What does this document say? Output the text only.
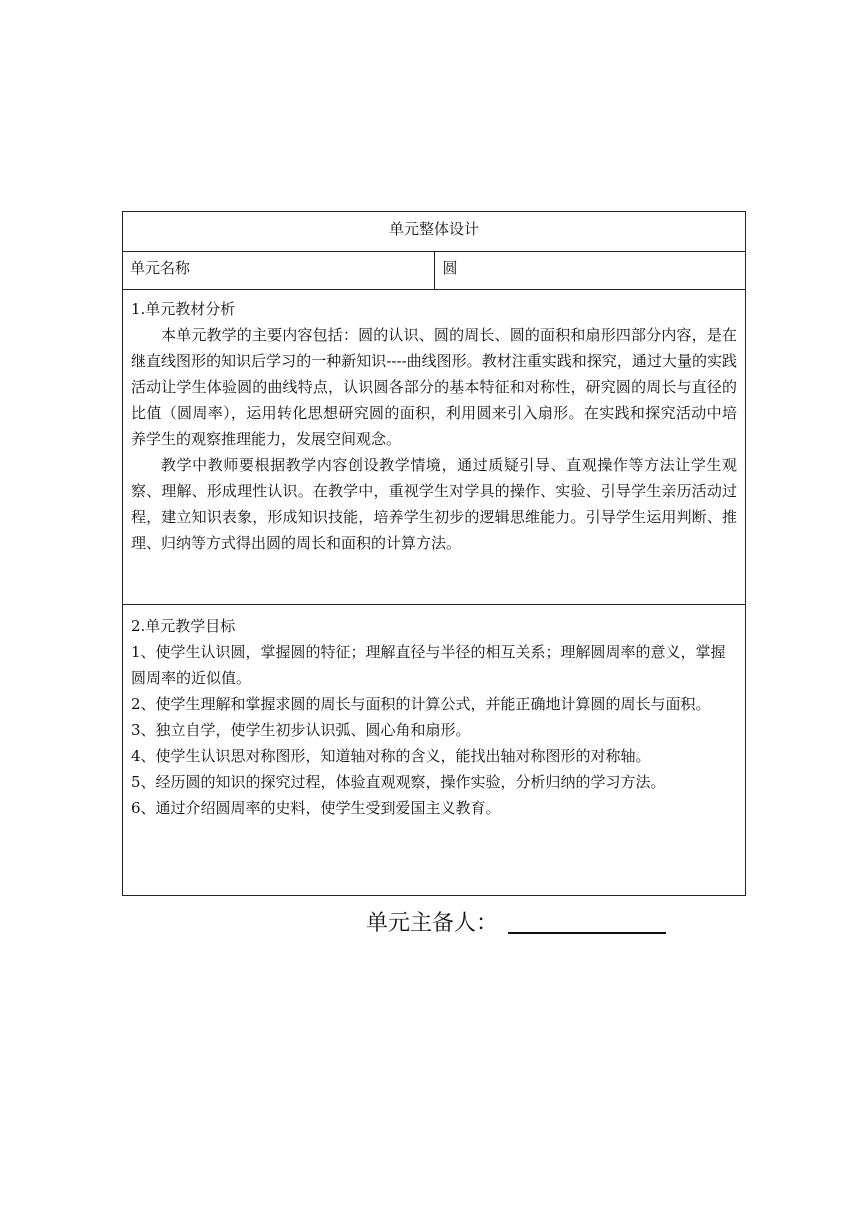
单元整体设计
单元名称	圆

1.单元教材分析

本单元教学的主要内容包括：圆的认识、圆的周长、圆的面积和扇形四部分内容，是在继直线图形的知识后学习的一种新知识----曲线图形。教材注重实践和探究，通过大量的实践活动让学生体验圆的曲线特点，认识圆各部分的基本特征和对称性，研究圆的周长与直径的比值（圆周率），运用转化思想研究圆的面积，利用圆来引入扇形。在实践和探究活动中培养学生的观察推理能力，发展空间观念。

教学中教师要根据教学内容创设教学情境，通过质疑引导、直观操作等方法让学生观察、理解、形成理性认识。在教学中，重视学生对学具的操作、实验、引导学生亲历活动过程，建立知识表象，形成知识技能，培养学生初步的逻辑思维能力。引导学生运用判断、推理、归纳等方式得出圆的周长和面积的计算方法。

2.单元教学目标

1、使学生认识圆，掌握圆的特征；理解直径与半径的相互关系；理解圆周率的意义，掌握圆周率的近似值。

2、使学生理解和掌握求圆的周长与面积的计算公式，并能正确地计算圆的周长与面积。

3、独立自学，使学生初步认识弧、圆心角和扇形。

4、使学生认识思对称图形，知道轴对称的含义，能找出轴对称图形的对称轴。

5、经历圆的知识的探究过程，体验直观观察，操作实验，分析归纳的学习方法。

6、通过介绍圆周率的史料，使学生受到爱国主义教育。

单元主备人：
